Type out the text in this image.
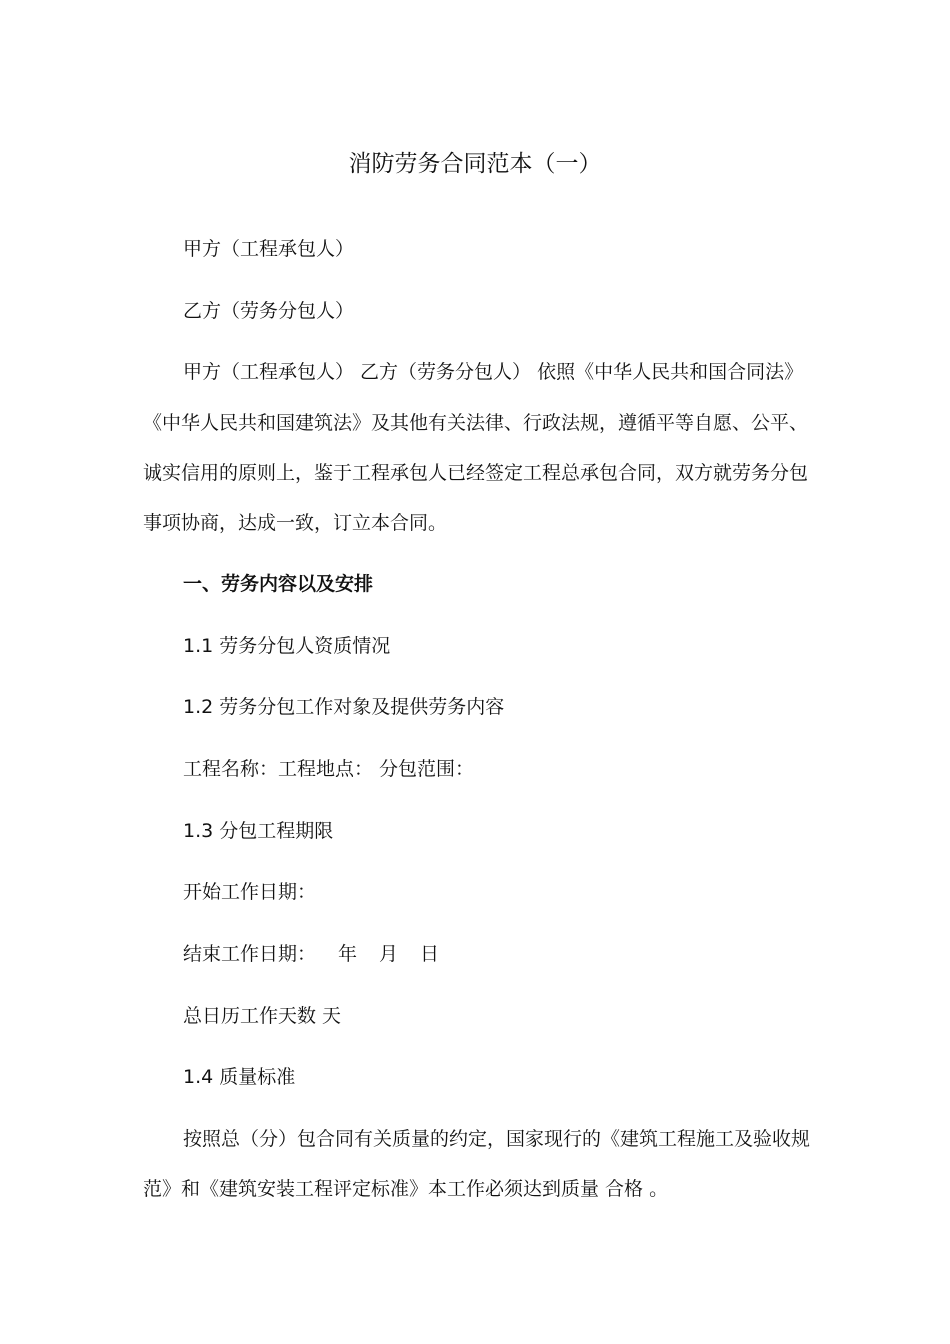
消防劳务合同范本（一）

甲方（工程承包人）

乙方（劳务分包人）

甲方（工程承包人） 乙方（劳务分包人） 依照《中华人民共和国合同法》

《中华人民共和国建筑法》及其他有关法律、行政法规，遵循平等自愿、公平、

诚实信用的原则上，鉴于工程承包人已经签定工程总承包合同，双方就劳务分包

事项协商，达成一致，订立本合同。

一、劳务内容以及安排

1.1 劳务分包人资质情况

1.2 劳务分包工作对象及提供劳务内容

工程名称：工程地点： 分包范围：

1.3 分包工程期限

开始工作日期：

结束工作日期： 年 月 日

总日历工作天数 天

1.4 质量标准

按照总（分）包合同有关质量的约定，国家现行的《建筑工程施工及验收规

范》和《建筑安装工程评定标准》本工作必须达到质量 合格 。
